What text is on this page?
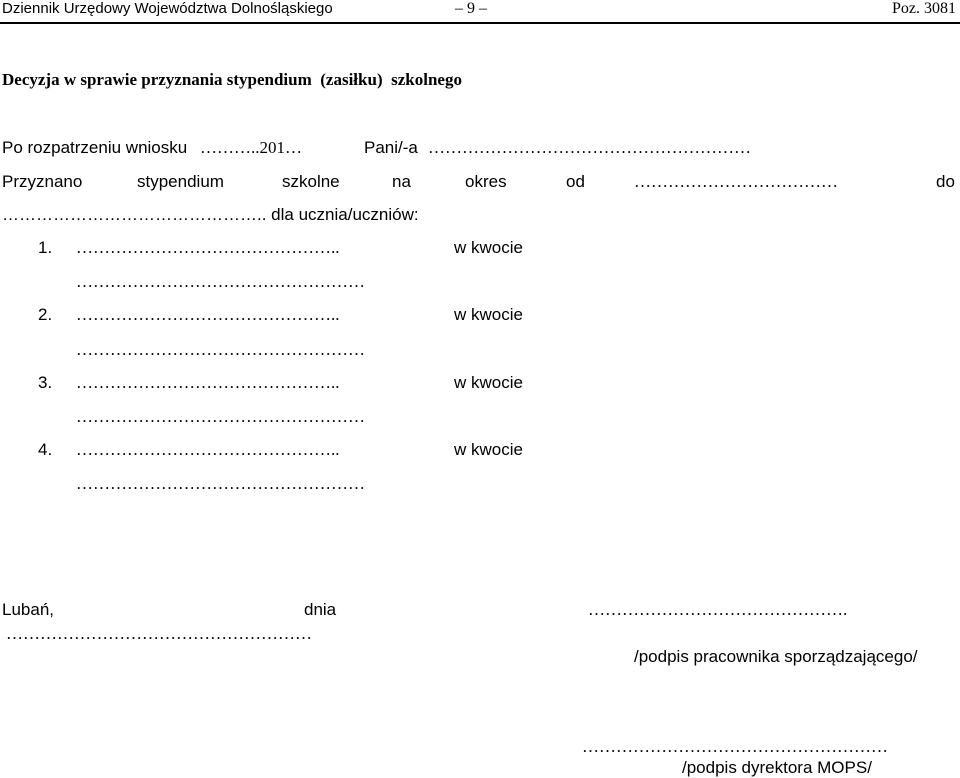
Dziennik Urzędowy Województwa Dolnośląskiego	– 9 –	Poz. 3081
Decyzja w sprawie przyznania stypendium  (zasiłku)  szkolnego
Po rozpatrzeniu wniosku ………..201…	Pani/-a …………………………………………………
Przyznano	stypendium	szkolne	na	okres	od	………………………………	do
……………………………………….. dla ucznia/uczniów:
1. ………………………………………..	w kwocie
……………………………………………
2. ………………………………………..	w kwocie
……………………………………………
3. ………………………………………..	w kwocie
……………………………………………
4. ………………………………………..	w kwocie
……………………………………………
Lubań,	dnia
………………………………………………
……………………………………….
/podpis pracownika sporządzającego/
………………………………………………
/podpis dyrektora MOPS/
